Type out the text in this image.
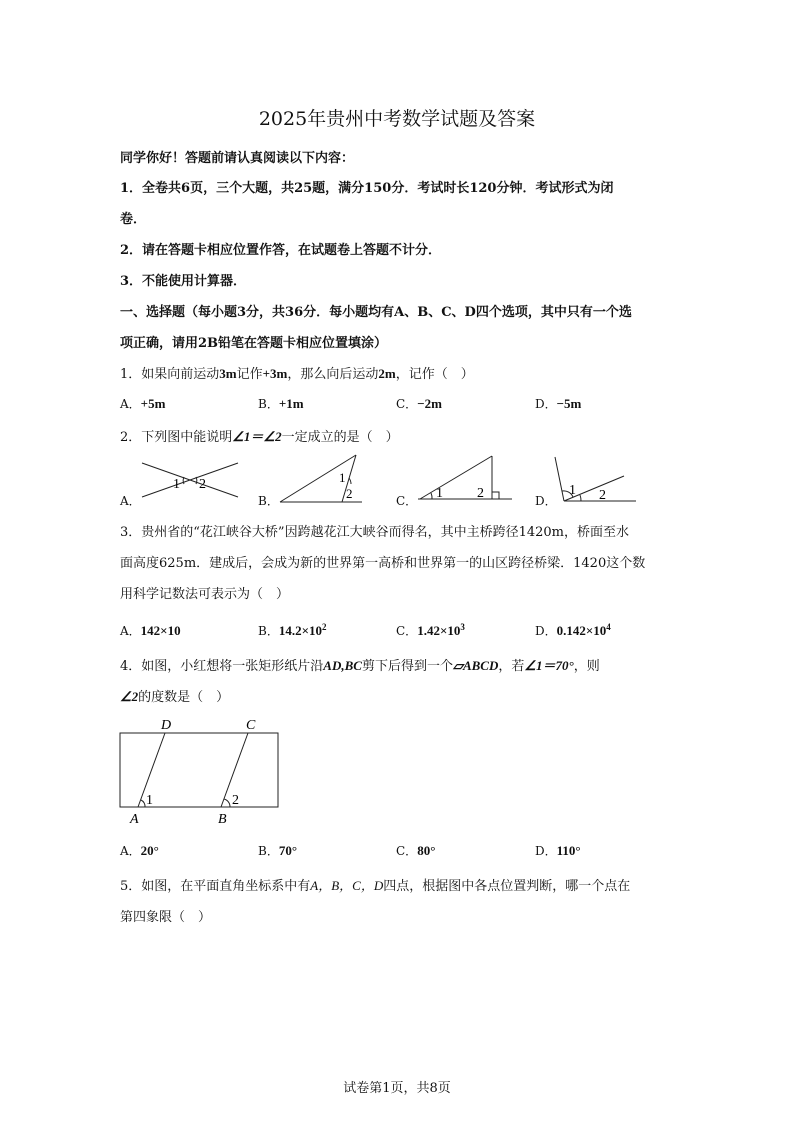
2025年贵州中考数学试题及答案
同学你好！答题前请认真阅读以下内容：
1．全卷共6页，三个大题，共25题，满分150分．考试时长120分钟．考试形式为闭
卷．
2．请在答题卡相应位置作答，在试题卷上答题不计分．
3．不能使用计算器．
一、选择题（每小题3分，共36分．每小题均有A、B、C、D四个选项，其中只有一个选
项正确，请用2B铅笔在答题卡相应位置填涂）
1．如果向前运动3m记作+3m，那么向后运动2m，记作（　）
A．+5m	B．+1m	C．−2m	D．−5m
2．下列图中能说明∠1＝∠2一定成立的是（　）
A．
1 2
B．
1
2	C． 1 2	D．
1 2
3．贵州省的“花江峡谷大桥”因跨越花江大峡谷而得名，其中主桥跨径1420m，桥面至水
面高度625m．建成后，会成为新的世界第一高桥和世界第一的山区跨径桥梁．1420这个数
用科学记数法可表示为（　）
A．142×10	B．$14.2\times 10^2$	C．$1.42\times 10^3$	D．$0.142\times 10^4$
4．如图，小红想将一张矩形纸片沿AD,BC剪下后得到一个▱ABCD，若∠1＝70°，则
∠2的度数是（　）
D	C
A	B
1	2
A．20°	B．70°	C．80°	D．110°
5．如图，在平面直角坐标系中有A，B，C，D四点，根据图中各点位置判断，哪一个点在
第四象限（　）
试卷第1页，共8页
